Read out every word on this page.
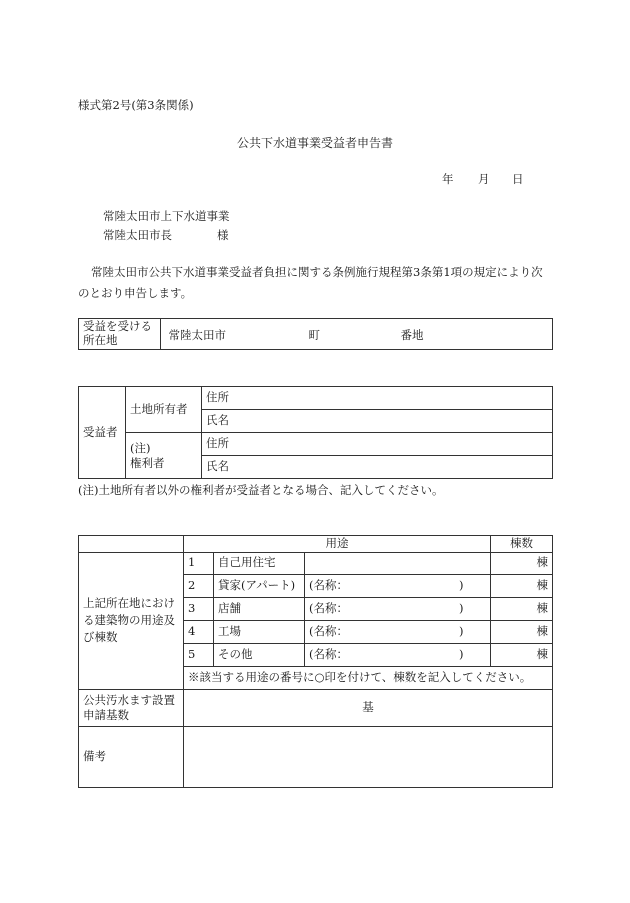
様式第2号(第3条関係)
公共下水道事業受益者申告書
年 月 日
常陸太田市上下水道事業
常陸太田市長	様
常陸太田市公共下水道事業受益者負担に関する条例施行規程第3条第1項の規定により次
のとおり申告します。
受益を受ける
所在地	常陸太田市	町	番地
受益者	土地所有者	住所
		氏名

	(注)
権利者	住所
		氏名
(注)土地所有者以外の権利者が受益者となる場合、記入してください。
	用途			棟数

上記所在地におけ
る建築物の用途及
び棟数	1	自己用住宅		棟
	2	貸家(アパート)	(名称： )	棟
	3	店舗	(名称： )	棟
	4	工場	(名称： )	棟
	5	その他	(名称： )	棟
	※該当する用途の番号に○印を付けて、棟数を記入してください。			

公共汚水ます設置
申請基数	基			
備考				
